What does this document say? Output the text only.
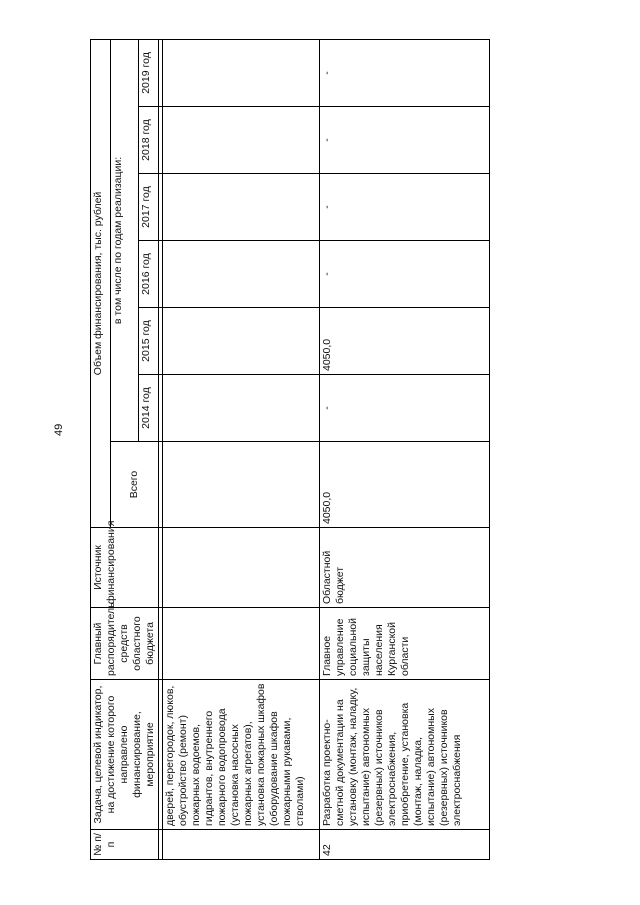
49
№ п/п	Задача, целевой индикатор, на достижение которого направлено финансирование, мероприятие	Главный распорядитель средств областного бюджета	Источник финансирования	Объем финансирования, тыс. рублей						
				Всего	в том числе по годам реализации:					
					2014 год	2015 год	2016 год	2017 год	2018 год	2019 год

	дверей, перегородок, люков, обустройство (ремонт) пожарных водоемов, гидрантов, внутреннего пожарного водопровода (установка насосных пожарных агрегатов), установка пожарных шкафов (оборудование шкафов пожарными рукавами, стволами)									
42	Разработка проектно-сметной документации на установку (монтаж, наладку, испытание) автономных (резервных) источников электроснабжения, приобретение, установка (монтаж, наладка, испытание) автономных (резервных) источников электроснабжения	Главное управление социальной защиты населения Курганской области	Областной бюджет	4050,0	-	4050,0	-	-	-	-
